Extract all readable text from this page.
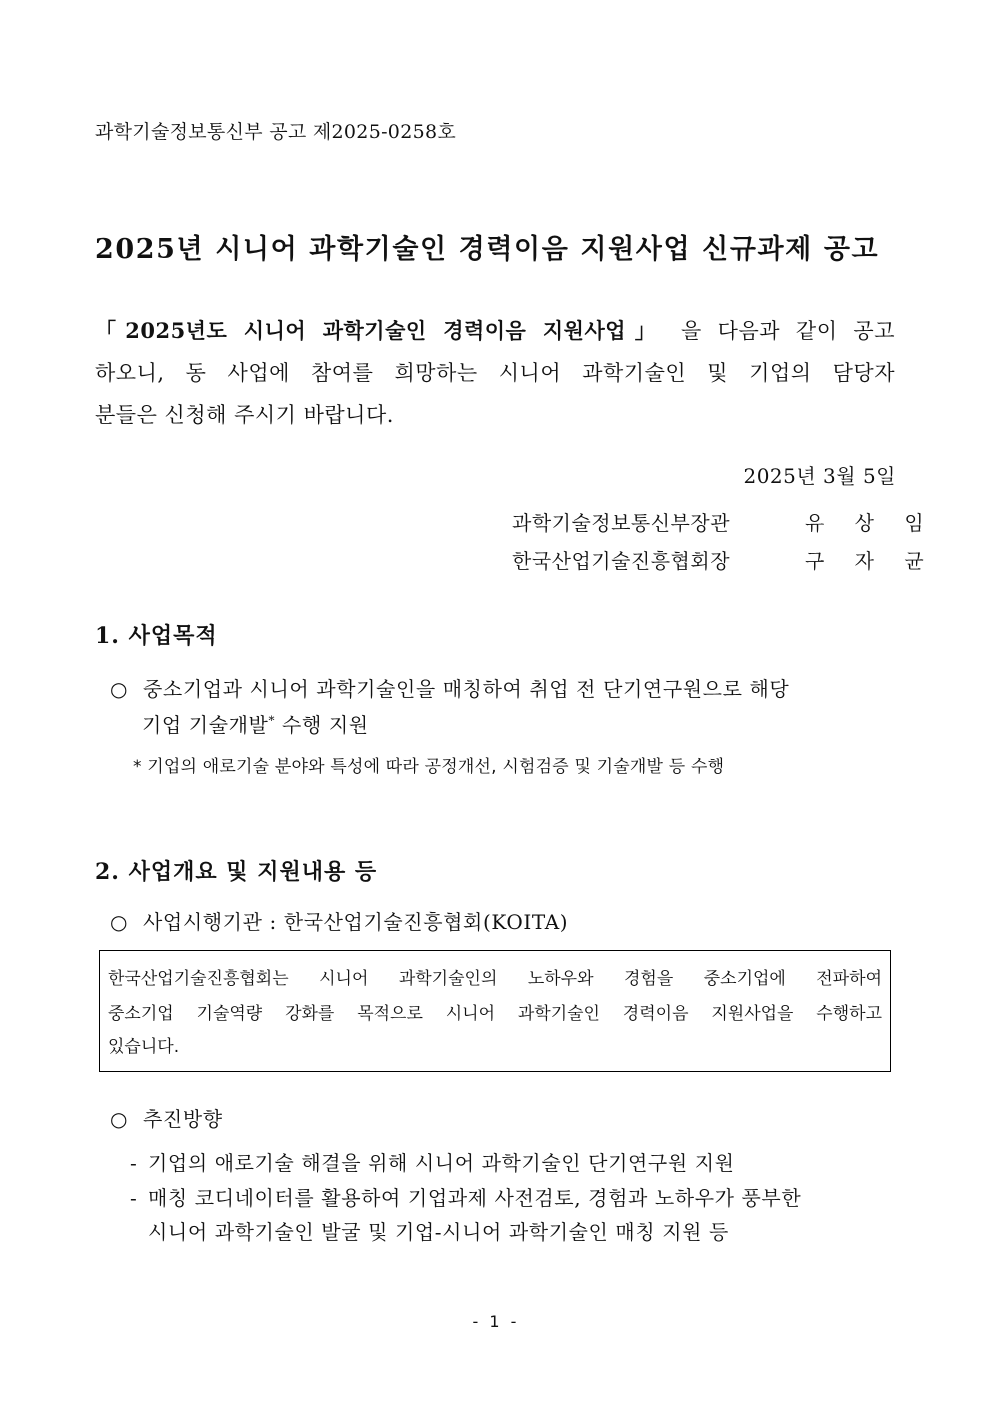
과학기술정보통신부 공고 제2025-0258호
2025년 시니어 과학기술인 경력이음 지원사업 신규과제 공고
「2025년도 시니어 과학기술인 경력이음 지원사업」 을 다음과 같이 공고
하오니, 동 사업에 참여를 희망하는 시니어 과학기술인 및 기업의 담당자
분들은 신청해 주시기 바랍니다.
2025년 3월 5일
과학기술정보통신부장관	유 상 임
한국산업기술진흥협회장	구 자 균
1. 사업목적
○ 중소기업과 시니어 과학기술인을 매칭하여 취업 전 단기연구원으로 해당
기업 기술개발* 수행 지원
* 기업의 애로기술 분야와 특성에 따라 공정개선, 시험검증 및 기술개발 등 수행
2. 사업개요 및 지원내용 등
○ 사업시행기관 : 한국산업기술진흥협회(KOITA)
한국산업기술진흥협회는 시니어 과학기술인의 노하우와 경험을 중소기업에 전파하여
중소기업 기술역량 강화를 목적으로 시니어 과학기술인 경력이음 지원사업을 수행하고
있습니다.
○ 추진방향
- 기업의 애로기술 해결을 위해 시니어 과학기술인 단기연구원 지원
- 매칭 코디네이터를 활용하여 기업과제 사전검토, 경험과 노하우가 풍부한
시니어 과학기술인 발굴 및 기업-시니어 과학기술인 매칭 지원 등
- 1 -
